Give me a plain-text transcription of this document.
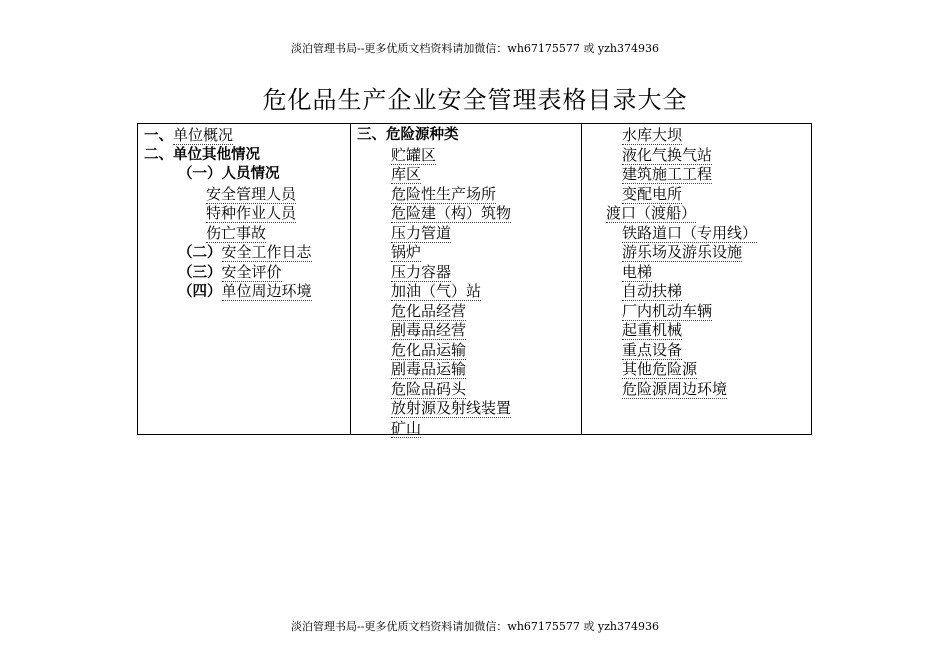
淡泊管理书局--更多优质文档资料请加微信：wh67175577 或 yzh374936
危化品生产企业安全管理表格目录大全
一、单位概况
二、单位其他情况
（一）人员情况
安全管理人员
特种作业人员
伤亡事故
（二）安全工作日志
（三）安全评价
（四）单位周边环境
三、危险源种类
贮罐区
库区
危险性生产场所
危险建（构）筑物
压力管道
锅炉
压力容器
加油（气）站
危化品经营
剧毒品经营
危化品运输
剧毒品运输
危险品码头
放射源及射线装置
矿山
水库大坝
液化气换气站
建筑施工工程
变配电所
渡口（渡船）
铁路道口（专用线）
游乐场及游乐设施
电梯
自动扶梯
厂内机动车辆
起重机械
重点设备
其他危险源
危险源周边环境
淡泊管理书局--更多优质文档资料请加微信：wh67175577 或 yzh374936
